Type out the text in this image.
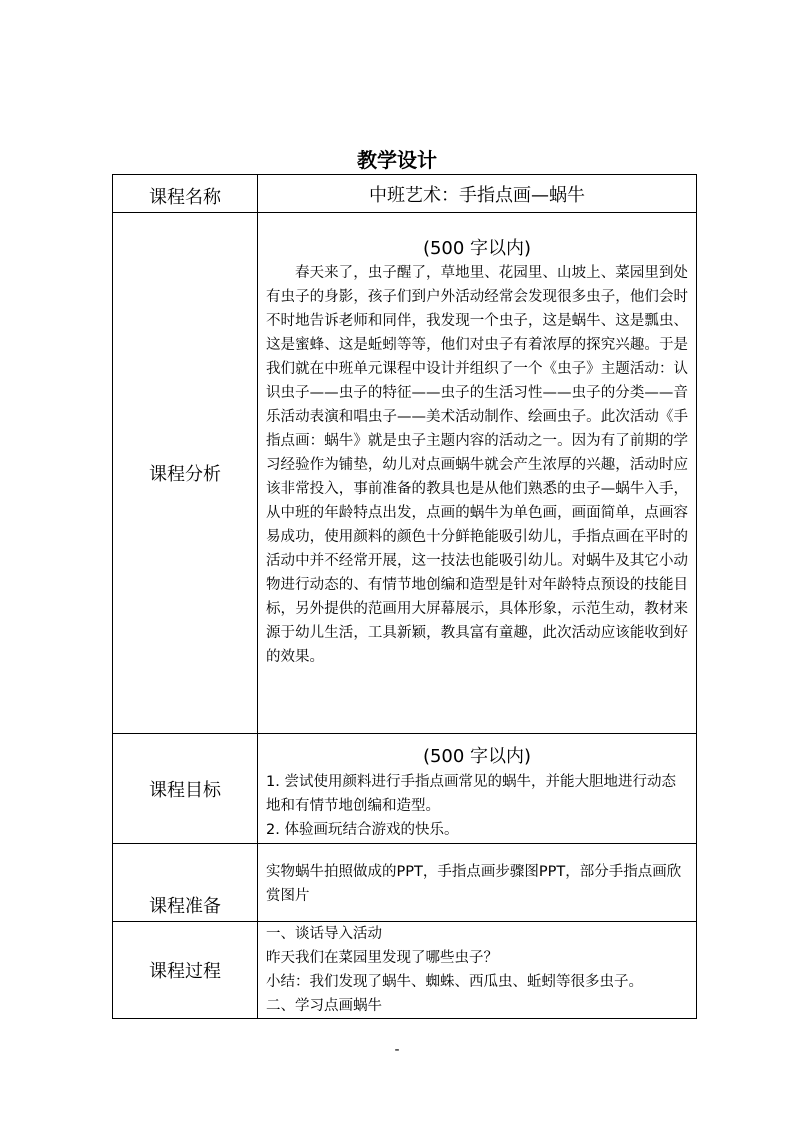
教学设计
课程名称	中班艺术：手指点画—蜗牛
课程分析	(500 字以内)

春天来了，虫子醒了，草地里、花园里、山坡上、菜园里到处有虫子的身影，孩子们到户外活动经常会发现很多虫子，他们会时不时地告诉老师和同伴，我发现一个虫子，这是蜗牛、这是瓢虫、这是蜜蜂、这是蚯蚓等等，他们对虫子有着浓厚的探究兴趣。于是我们就在中班单元课程中设计并组织了一个《虫子》主题活动：认识虫子——虫子的特征——虫子的生活习性——虫子的分类——音乐活动表演和唱虫子——美术活动制作、绘画虫子。此次活动《手指点画：蜗牛》就是虫子主题内容的活动之一。因为有了前期的学习经验作为铺垫，幼儿对点画蜗牛就会产生浓厚的兴趣，活动时应该非常投入，事前准备的教具也是从他们熟悉的虫子—蜗牛入手，从中班的年龄特点出发，点画的蜗牛为单色画，画面简单，点画容易成功，使用颜料的颜色十分鲜艳能吸引幼儿，手指点画在平时的活动中并不经常开展，这一技法也能吸引幼儿。对蜗牛及其它小动物进行动态的、有情节地创编和造型是针对年龄特点预设的技能目标，另外提供的范画用大屏幕展示，具体形象，示范生动，教材来源于幼儿生活，工具新颖，教具富有童趣，此次活动应该能收到好的效果。

课程目标	(500 字以内)

1. 尝试使用颜料进行手指点画常见的蜗牛，并能大胆地进行动态地和有情节地创编和造型。

2. 体验画玩结合游戏的快乐。

课程准备	实物蜗牛拍照做成的PPT，手指点画步骤图PPT，部分手指点画欣赏图片
课程过程	一、谈话导入活动

昨天我们在菜园里发现了哪些虫子？

小结：我们发现了蜗牛、蜘蛛、西瓜虫、蚯蚓等很多虫子。

二、学习点画蜗牛

-
